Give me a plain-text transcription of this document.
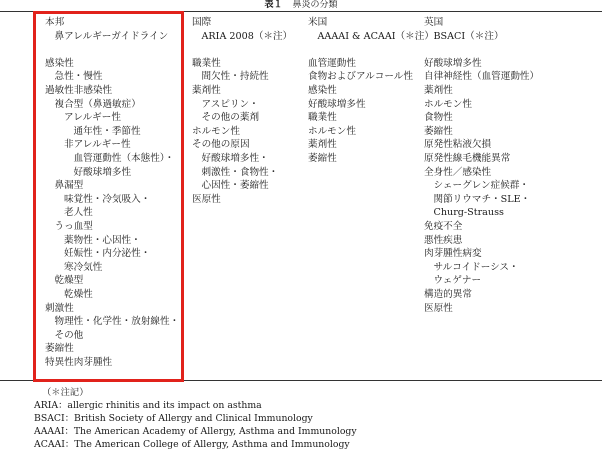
表１ 鼻炎の分類
本邦
鼻アレルギーガイドライン
感染性
急性・慢性
過敏性非感染性
複合型（鼻過敏症）
アレルギー性
通年性・季節性
非アレルギー性
血管運動性（本態性）・
好酸球増多性
鼻漏型
味覚性・冷気吸入・
老人性
うっ血型
薬物性・心因性・
妊娠性・内分泌性・
寒冷気性
乾燥型
乾燥性
刺激性
物理性・化学性・放射線性・
その他
萎縮性
特異性肉芽腫性
国際
ARIA 2008（＊注）
職業性
間欠性・持続性
薬剤性
アスピリン・
その他の薬剤
ホルモン性
その他の原因
好酸球増多性・
刺激性・食物性・
心因性・萎縮性
医原性
米国
AAAAI & ACAAI（＊注）
血管運動性
食物およびアルコール性
感染性
好酸球増多性
職業性
ホルモン性
薬剤性
萎縮性
英国
BSACI（＊注）
好酸球増多性
自律神経性（血管運動性）
薬剤性
ホルモン性
食物性
萎縮性
原発性粘液欠損
原発性線毛機能異常
全身性／感染性
シェーグレン症候群・
関節リウマチ・SLE・
Churg-Strauss
免疫不全
悪性疾患
肉芽腫性病変
サルコイドーシス・
ウェゲナー
構造的異常
医原性
（＊注記）
ARIA：allergic rhinitis and its impact on asthma
BSACI：British Society of Allergy and Clinical Immunology
AAAAI：The American Academy of Allergy, Asthma and Immunology
ACAAI：The American College of Allergy, Asthma and Immunology
